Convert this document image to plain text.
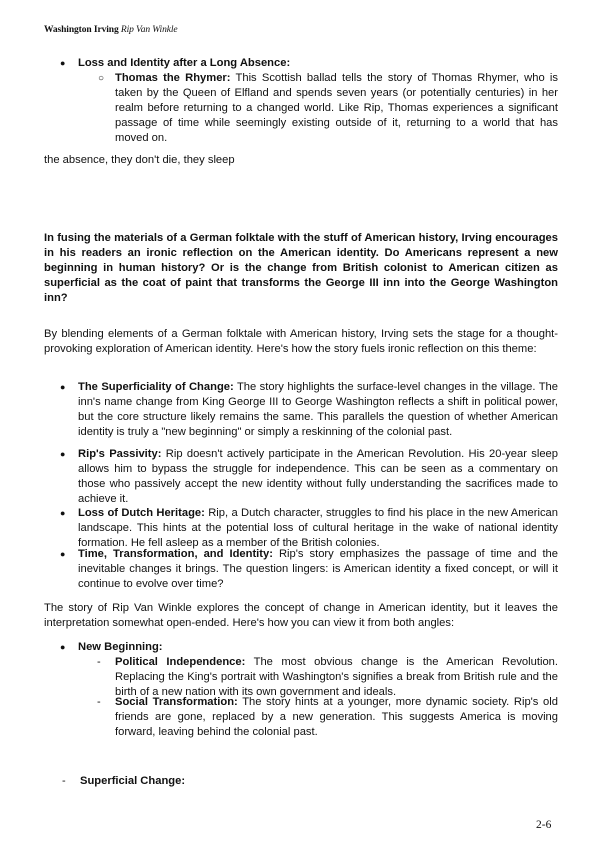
Washington Irving Rip Van Winkle
● Loss and Identity after a Long Absence:
○ Thomas the Rhymer: This Scottish ballad tells the story of Thomas Rhymer, who is taken by the Queen of Elfland and spends seven years (or potentially centuries) in her realm before returning to a changed world. Like Rip, Thomas experiences a significant passage of time while seemingly existing outside of it, returning to a world that has moved on.
the absence, they don't die, they sleep
In fusing the materials of a German folktale with the stuff of American history, Irving encourages in his readers an ironic reflection on the American identity. Do Americans represent a new beginning in human history? Or is the change from British colonist to American citizen as superficial as the coat of paint that transforms the George III inn into the George Washington inn?
By blending elements of a German folktale with American history, Irving sets the stage for a thought-provoking exploration of American identity. Here's how the story fuels ironic reflection on this theme:
● The Superficiality of Change: The story highlights the surface-level changes in the village. The inn's name change from King George III to George Washington reflects a shift in political power, but the core structure likely remains the same. This parallels the question of whether American identity is truly a "new beginning" or simply a reskinning of the colonial past.
● Rip's Passivity: Rip doesn't actively participate in the American Revolution. His 20-year sleep allows him to bypass the struggle for independence. This can be seen as a commentary on those who passively accept the new identity without fully understanding the sacrifices made to achieve it.
● Loss of Dutch Heritage: Rip, a Dutch character, struggles to find his place in the new American landscape. This hints at the potential loss of cultural heritage in the wake of national identity formation. He fell asleep as a member of the British colonies.
● Time, Transformation, and Identity: Rip's story emphasizes the passage of time and the inevitable changes it brings. The question lingers: is American identity a fixed concept, or will it continue to evolve over time?
The story of Rip Van Winkle explores the concept of change in American identity, but it leaves the interpretation somewhat open-ended. Here's how you can view it from both angles:
● New Beginning:
- Political Independence: The most obvious change is the American Revolution. Replacing the King's portrait with Washington's signifies a break from British rule and the birth of a new nation with its own government and ideals.
- Social Transformation: The story hints at a younger, more dynamic society. Rip's old friends are gone, replaced by a new generation. This suggests America is moving forward, leaving behind the colonial past.
- Superficial Change:
2-6
